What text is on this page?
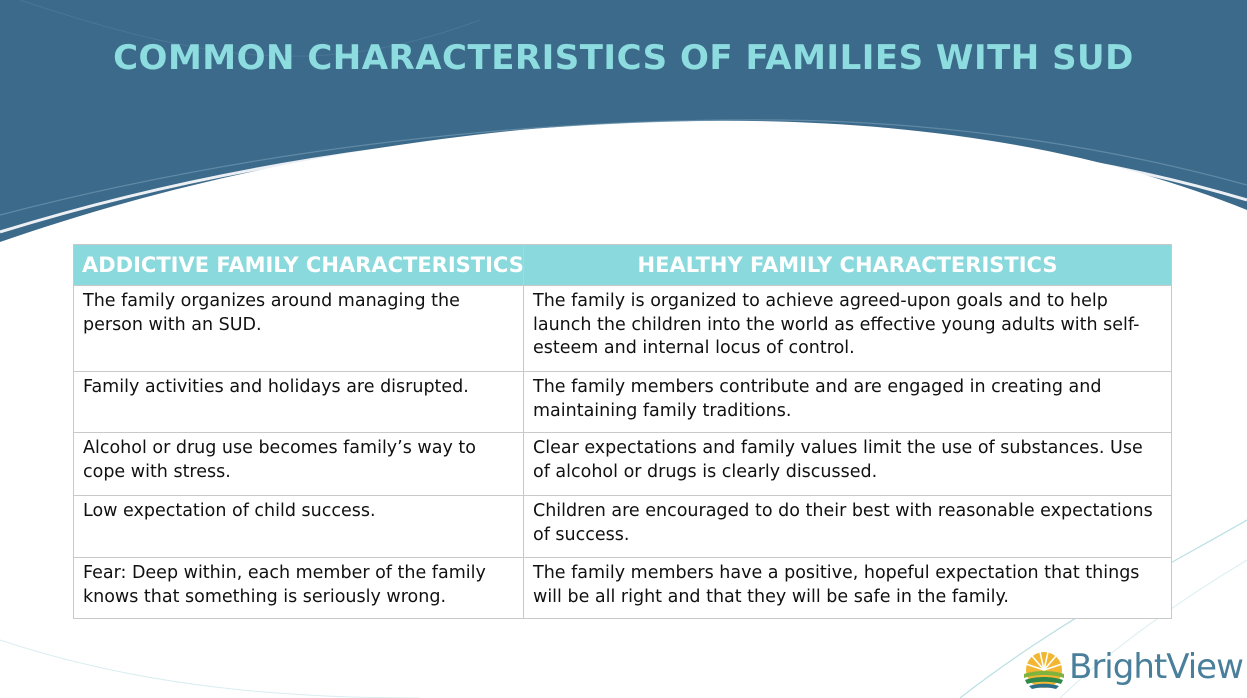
COMMON CHARACTERISTICS OF FAMILIES WITH SUD
ADDICTIVE FAMILY CHARACTERISTICS	HEALTHY FAMILY CHARACTERISTICS
The family organizes around managing the person with an SUD.	The family is organized to achieve agreed-upon goals and to help launch the children into the world as effective young adults with self-esteem and internal locus of control.
Family activities and holidays are disrupted.	The family members contribute and are engaged in creating and maintaining family traditions.
Alcohol or drug use becomes family’s way to cope with stress.	Clear expectations and family values limit the use of substances. Use of alcohol or drugs is clearly discussed.
Low expectation of child success.	Children are encouraged to do their best with reasonable expectations of success.
Fear: Deep within, each member of the family knows that something is seriously wrong.	The family members have a positive, hopeful expectation that things will be all right and that they will be safe in the family.

BrightView
